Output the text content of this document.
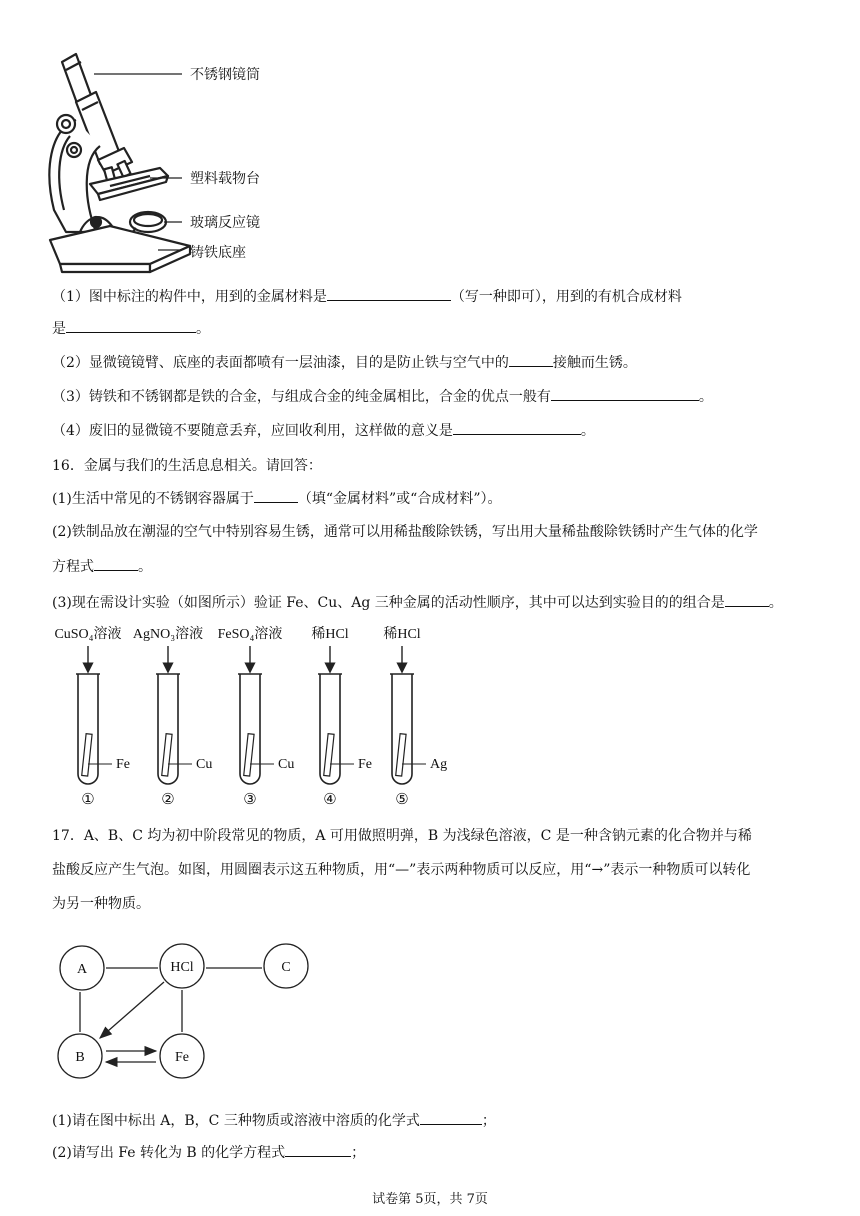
不锈钢镜筒
塑料载物台
玻璃反应镜
铸铁底座
（1）图中标注的构件中，用到的金属材料是	（写一种即可），用到的有机合成材料
是	。
（2）显微镜镜臂、底座的表面都喷有一层油漆，目的是防止铁与空气中的	接触而生锈。
（3）铸铁和不锈钢都是铁的合金，与组成合金的纯金属相比，合金的优点一般有	。
（4）废旧的显微镜不要随意丢弃，应回收利用，这样做的意义是	。
16．金属与我们的生活息息相关。请回答：
(1)生活中常见的不锈钢容器属于	（填“金属材料”或“合成材料”）。
(2)铁制品放在潮湿的空气中特别容易生锈，通常可以用稀盐酸除铁锈，写出用大量稀盐酸除铁锈时产生气体的化学
方程式	。
(3)现在需设计实验（如图所示）验证 Fe、Cu、Ag 三种金属的活动性顺序，其中可以达到实验目的的组合是	。
CuSO₄溶液
Fe
①
AgNO₃溶液
Cu
②
FeSO₄溶液
Cu
③
稀HCl
Fe
④
稀HCl
Ag
⑤
17．A、B、C 均为初中阶段常见的物质，A 可用做照明弹，B 为浅绿色溶液，C 是一种含钠元素的化合物并与稀
盐酸反应产生气泡。如图，用圆圈表示这五种物质，用“—”表示两种物质可以反应，用“→”表示一种物质可以转化
为另一种物质。
A	HCl	C
B	Fe
(1)请在图中标出 A，B，C 三种物质或溶液中溶质的化学式	；
(2)请写出 Fe 转化为 B 的化学方程式	；
试卷第 5页，共 7页
